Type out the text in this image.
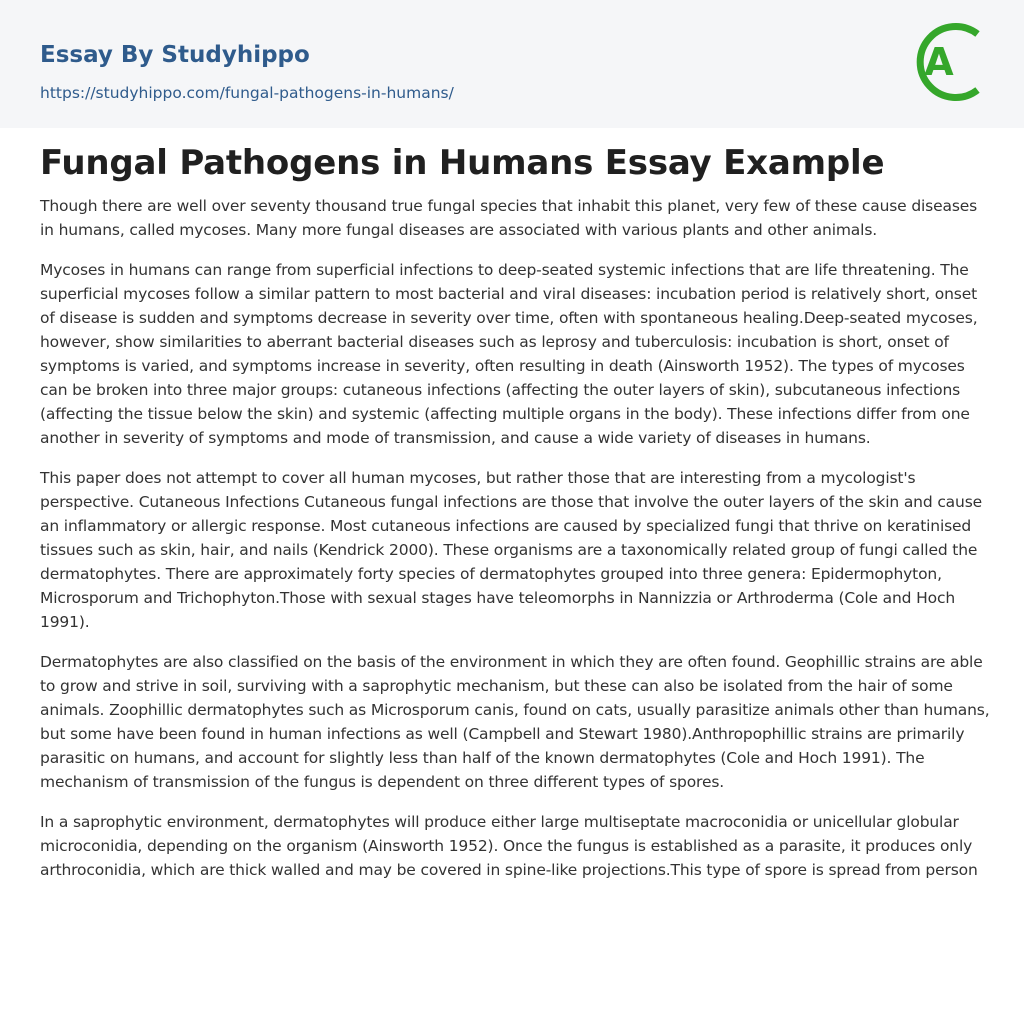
Essay By Studyhippo
https://studyhippo.com/fungal-pathogens-in-humans/
A
Fungal Pathogens in Humans Essay Example

Though there are well over seventy thousand true fungal species that inhabit this planet, very few of these cause diseases in humans, called mycoses. Many more fungal diseases are associated with various plants and other animals.

Mycoses in humans can range from superficial infections to deep-seated systemic infections that are life threatening. The superficial mycoses follow a similar pattern to most bacterial and viral diseases: incubation period is relatively short, onset of disease is sudden and symptoms decrease in severity over time, often with spontaneous healing.Deep-seated mycoses, however, show similarities to aberrant bacterial diseases such as leprosy and tuberculosis: incubation is short, onset of symptoms is varied, and symptoms increase in severity, often resulting in death (Ainsworth 1952). The types of mycoses can be broken into three major groups: cutaneous infections (affecting the outer layers of skin), subcutaneous infections (affecting the tissue below the skin) and systemic (affecting multiple organs in the body). These infections differ from one another in severity of symptoms and mode of transmission, and cause a wide variety of diseases in humans.

This paper does not attempt to cover all human mycoses, but rather those that are interesting from a mycologist's perspective. Cutaneous Infections Cutaneous fungal infections are those that involve the outer layers of the skin and cause an inflammatory or allergic response. Most cutaneous infections are caused by specialized fungi that thrive on keratinised tissues such as skin, hair, and nails (Kendrick 2000). These organisms are a taxonomically related group of fungi called the dermatophytes. There are approximately forty species of dermatophytes grouped into three genera: Epidermophyton, Microsporum and Trichophyton.Those with sexual stages have teleomorphs in Nannizzia or Arthroderma (Cole and Hoch 1991).

Dermatophytes are also classified on the basis of the environment in which they are often found. Geophillic strains are able to grow and strive in soil, surviving with a saprophytic mechanism, but these can also be isolated from the hair of some animals. Zoophillic dermatophytes such as Microsporum canis, found on cats, usually parasitize animals other than humans, but some have been found in human infections as well (Campbell and Stewart 1980).Anthropophillic strains are primarily parasitic on humans, and account for slightly less than half of the known dermatophytes (Cole and Hoch 1991). The mechanism of transmission of the fungus is dependent on three different types of spores.

In a saprophytic environment, dermatophytes will produce either large multiseptate macroconidia or unicellular globular microconidia, depending on the organism (Ainsworth 1952). Once the fungus is established as a parasite, it produces only arthroconidia, which are thick walled and may be covered in spine-like projections.This type of spore is spread from person
